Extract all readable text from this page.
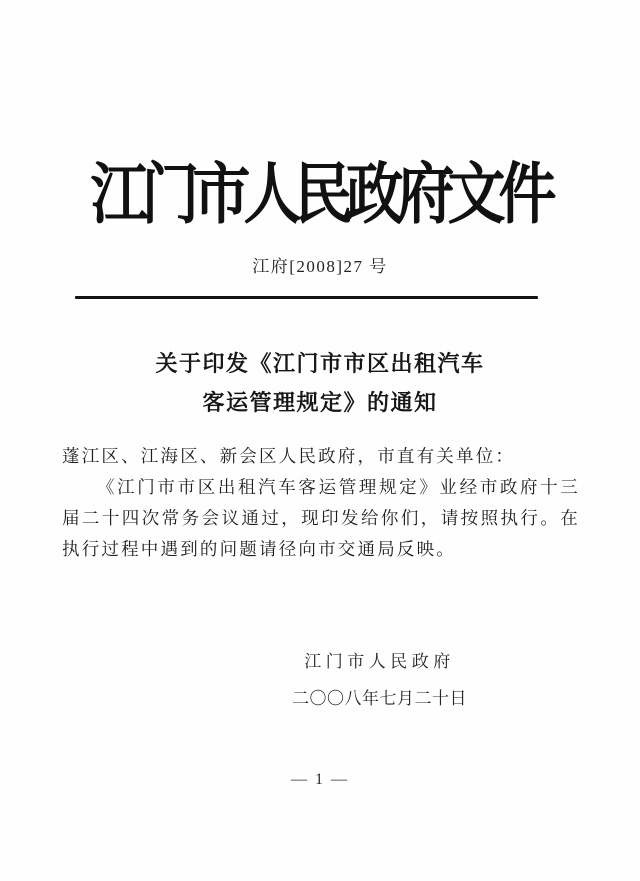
江门市人民政府文件
江府[2008]27 号
关于印发《江门市市区出租汽车
客运管理规定》的通知

蓬江区、江海区、新会区人民政府，市直有关单位：

《江门市市区出租汽车客运管理规定》业经市政府十三届二十四次常务会议通过，现印发给你们，请按照执行。在执行过程中遇到的问题请径向市交通局反映。

江门市人民政府
二〇〇八年七月二十日
— 1 —
